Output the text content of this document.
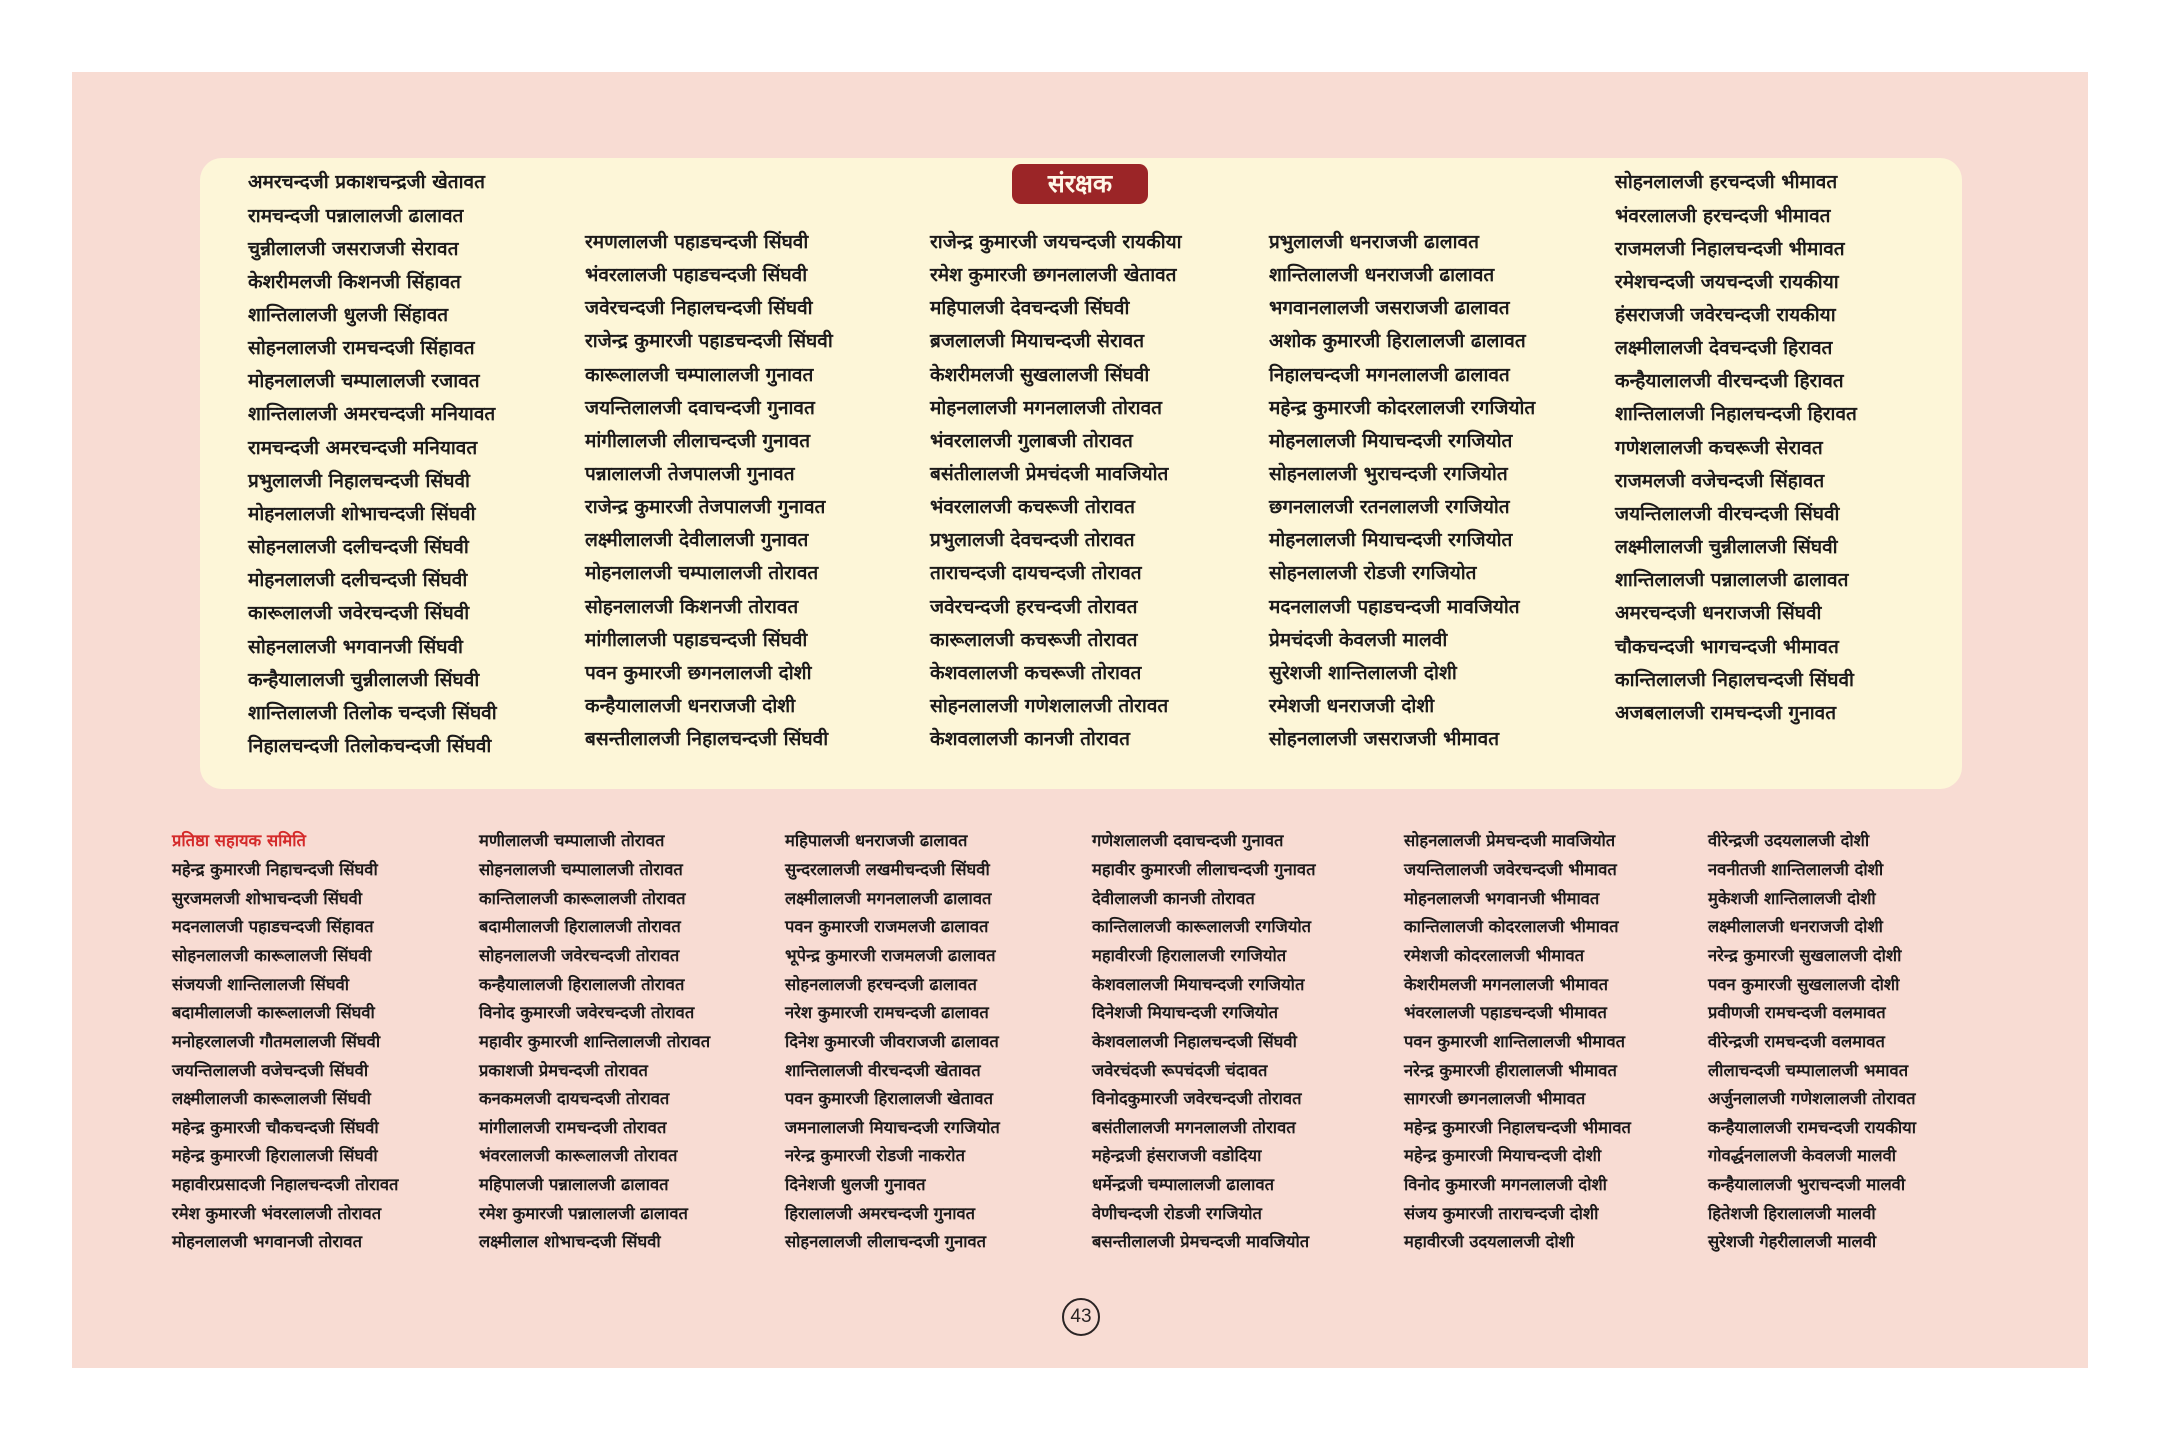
संरक्षक
अमरचन्दजी प्रकाशचन्द्रजी खेतावत
रामचन्दजी पन्नालालजी ढालावत
चुन्नीलालजी जसराजजी सेरावत
केशरीमलजी किशनजी सिंहावत
शान्तिलालजी धुलजी सिंहावत
सोहनलालजी रामचन्दजी सिंहावत
मोहनलालजी चम्पालालजी रजावत
शान्तिलालजी अमरचन्दजी मनियावत
रामचन्दजी अमरचन्दजी मनियावत
प्रभुलालजी निहालचन्दजी सिंघवी
मोहनलालजी शोभाचन्दजी सिंघवी
सोहनलालजी दलीचन्दजी सिंघवी
मोहनलालजी दलीचन्दजी सिंघवी
कारूलालजी जवेरचन्दजी सिंघवी
सोहनलालजी भगवानजी सिंघवी
कन्हैयालालजी चुन्नीलालजी सिंघवी
शान्तिलालजी तिलोक चन्दजी सिंघवी
निहालचन्दजी तिलोकचन्दजी सिंघवी
रमणलालजी पहाडचन्दजी सिंघवी
भंवरलालजी पहाडचन्दजी सिंघवी
जवेरचन्दजी निहालचन्दजी सिंघवी
राजेन्द्र कुमारजी पहाडचन्दजी सिंघवी
कारूलालजी चम्पालालजी गुनावत
जयन्तिलालजी दवाचन्दजी गुनावत
मांगीलालजी लीलाचन्दजी गुनावत
पन्नालालजी तेजपालजी गुनावत
राजेन्द्र कुमारजी तेजपालजी गुनावत
लक्ष्मीलालजी देवीलालजी गुनावत
मोहनलालजी चम्पालालजी तोरावत
सोहनलालजी किशनजी तोरावत
मांगीलालजी पहाडचन्दजी सिंघवी
पवन कुमारजी छगनलालजी दोशी
कन्हैयालालजी धनराजजी दोशी
बसन्तीलालजी निहालचन्दजी सिंघवी
राजेन्द्र कुमारजी जयचन्दजी रायकीया
रमेश कुमारजी छगनलालजी खेतावत
महिपालजी देवचन्दजी सिंघवी
ब्रजलालजी मियाचन्दजी सेरावत
केशरीमलजी सुखलालजी सिंघवी
मोहनलालजी मगनलालजी तोरावत
भंवरलालजी गुलाबजी तोरावत
बसंतीलालजी प्रेमचंदजी मावजियोत
भंवरलालजी कचरूजी तोरावत
प्रभुलालजी देवचन्दजी तोरावत
ताराचन्दजी दायचन्दजी तोरावत
जवेरचन्दजी हरचन्दजी तोरावत
कारूलालजी कचरूजी तोरावत
केशवलालजी कचरूजी तोरावत
सोहनलालजी गणेशलालजी तोरावत
केशवलालजी कानजी तोरावत
प्रभुलालजी धनराजजी ढालावत
शान्तिलालजी धनराजजी ढालावत
भगवानलालजी जसराजजी ढालावत
अशोक कुमारजी हिरालालजी ढालावत
निहालचन्दजी मगनलालजी ढालावत
महेन्द्र कुमारजी कोदरलालजी रगजियोत
मोहनलालजी मियाचन्दजी रगजियोत
सोहनलालजी भुराचन्दजी रगजियोत
छगनलालजी रतनलालजी रगजियोत
मोहनलालजी मियाचन्दजी रगजियोत
सोहनलालजी रोडजी रगजियोत
मदनलालजी पहाडचन्दजी मावजियोत
प्रेमचंदजी केवलजी मालवी
सुरेशजी शान्तिलालजी दोशी
रमेशजी धनराजजी दोशी
सोहनलालजी जसराजजी भीमावत
सोहनलालजी हरचन्दजी भीमावत
भंवरलालजी हरचन्दजी भीमावत
राजमलजी निहालचन्दजी भीमावत
रमेशचन्दजी जयचन्दजी रायकीया
हंसराजजी जवेरचन्दजी रायकीया
लक्ष्मीलालजी देवचन्दजी हिरावत
कन्हैयालालजी वीरचन्दजी हिरावत
शान्तिलालजी निहालचन्दजी हिरावत
गणेशलालजी कचरूजी सेरावत
राजमलजी वजेचन्दजी सिंहावत
जयन्तिलालजी वीरचन्दजी सिंघवी
लक्ष्मीलालजी चुन्नीलालजी सिंघवी
शान्तिलालजी पन्नालालजी ढालावत
अमरचन्दजी धनराजजी सिंघवी
चौकचन्दजी भागचन्दजी भीमावत
कान्तिलालजी निहालचन्दजी सिंघवी
अजबलालजी रामचन्दजी गुनावत
प्रतिष्ठा सहायक समिति
महेन्द्र कुमारजी निहाचन्दजी सिंघवी
सुरजमलजी शोभाचन्दजी सिंघवी
मदनलालजी पहाडचन्दजी सिंहावत
सोहनलालजी कारूलालजी सिंघवी
संजयजी शान्तिलालजी सिंघवी
बदामीलालजी कारूलालजी सिंघवी
मनोहरलालजी गौतमलालजी सिंघवी
जयन्तिलालजी वजेचन्दजी सिंघवी
लक्ष्मीलालजी कारूलालजी सिंघवी
महेन्द्र कुमारजी चौकचन्दजी सिंघवी
महेन्द्र कुमारजी हिरालालजी सिंघवी
महावीरप्रसादजी निहालचन्दजी तोरावत
रमेश कुमारजी भंवरलालजी तोरावत
मोहनलालजी भगवानजी तोरावत
मणीलालजी चम्पालाजी तोरावत
सोहनलालजी चम्पालालजी तोरावत
कान्तिलालजी कारूलालजी तोरावत
बदामीलालजी हिरालालजी तोरावत
सोहनलालजी जवेरचन्दजी तोरावत
कन्हैयालालजी हिरालालजी तोरावत
विनोद कुमारजी जवेरचन्दजी तोरावत
महावीर कुमारजी शान्तिलालजी तोरावत
प्रकाशजी प्रेमचन्दजी तोरावत
कनकमलजी दायचन्दजी तोरावत
मांगीलालजी रामचन्दजी तोरावत
भंवरलालजी कारूलालजी तोरावत
महिपालजी पन्नालालजी ढालावत
रमेश कुमारजी पन्नालालजी ढालावत
लक्ष्मीलाल शोभाचन्दजी सिंघवी
महिपालजी धनराजजी ढालावत
सुन्दरलालजी लखमीचन्दजी सिंघवी
लक्ष्मीलालजी मगनलालजी ढालावत
पवन कुमारजी राजमलजी ढालावत
भूपेन्द्र कुमारजी राजमलजी ढालावत
सोहनलालजी हरचन्दजी ढालावत
नरेश कुमारजी रामचन्दजी ढालावत
दिनेश कुमारजी जीवराजजी ढालावत
शान्तिलालजी वीरचन्दजी खेतावत
पवन कुमारजी हिरालालजी खेतावत
जमनालालजी मियाचन्दजी रगजियोत
नरेन्द्र कुमारजी रोडजी नाकरोत
दिनेशजी धुलजी गुनावत
हिरालालजी अमरचन्दजी गुनावत
सोहनलालजी लीलाचन्दजी गुनावत
गणेशलालजी दवाचन्दजी गुनावत
महावीर कुमारजी लीलाचन्दजी गुनावत
देवीलालजी कानजी तोरावत
कान्तिलालजी कारूलालजी रगजियोत
महावीरजी हिरालालजी रगजियोत
केशवलालजी मियाचन्दजी रगजियोत
दिनेशजी मियाचन्दजी रगजियोत
केशवलालजी निहालचन्दजी सिंघवी
जवेरचंदजी रूपचंदजी चंदावत
विनोदकुमारजी जवेरचन्दजी तोरावत
बसंतीलालजी मगनलालजी तोरावत
महेन्द्रजी हंसराजजी वडोदिया
धर्मेन्द्रजी चम्पालालजी ढालावत
वेणीचन्दजी रोडजी रगजियोत
बसन्तीलालजी प्रेमचन्दजी मावजियोत
सोहनलालजी प्रेमचन्दजी मावजियोत
जयन्तिलालजी जवेरचन्दजी भीमावत
मोहनलालजी भगवानजी भीमावत
कान्तिलालजी कोदरलालजी भीमावत
रमेशजी कोदरलालजी भीमावत
केशरीमलजी मगनलालजी भीमावत
भंवरलालजी पहाडचन्दजी भीमावत
पवन कुमारजी शान्तिलालजी भीमावत
नरेन्द्र कुमारजी हीरालालजी भीमावत
सागरजी छगनलालजी भीमावत
महेन्द्र कुमारजी निहालचन्दजी भीमावत
महेन्द्र कुमारजी मियाचन्दजी दोशी
विनोद कुमारजी मगनलालजी दोशी
संजय कुमारजी ताराचन्दजी दोशी
महावीरजी उदयलालजी दोशी
वीरेन्द्रजी उदयलालजी दोशी
नवनीतजी शान्तिलालजी दोशी
मुकेशजी शान्तिलालजी दोशी
लक्ष्मीलालजी धनराजजी दोशी
नरेन्द्र कुमारजी सुखलालजी दोशी
पवन कुमारजी सुखलालजी दोशी
प्रवीणजी रामचन्दजी वलमावत
वीरेन्द्रजी रामचन्दजी वलमावत
लीलाचन्दजी चम्पालालजी भमावत
अर्जुनलालजी गणेशलालजी तोरावत
कन्हैयालालजी रामचन्दजी रायकीया
गोवर्द्धनलालजी केवलजी मालवी
कन्हैयालालजी भुराचन्दजी मालवी
हितेशजी हिरालालजी मालवी
सुरेशजी गेहरीलालजी मालवी
43
